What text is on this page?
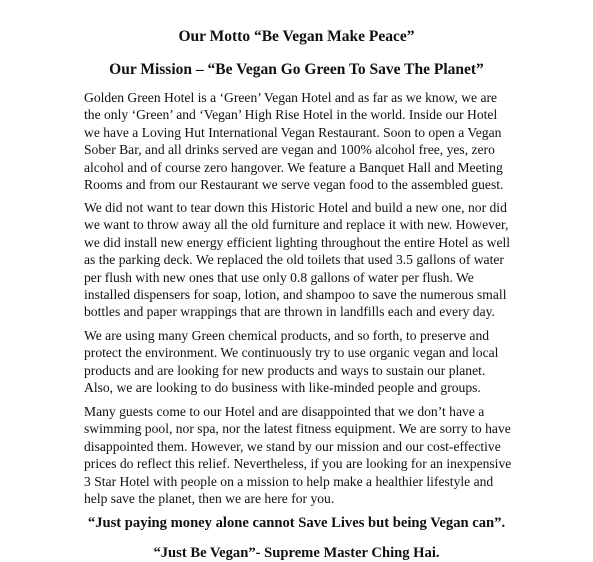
Our Motto “Be Vegan Make Peace”
Our Mission – “Be Vegan Go Green To Save The Planet”

Golden Green Hotel is a ‘Green’ Vegan Hotel and as far as we know, we are
the only ‘Green’ and ‘Vegan’ High Rise Hotel in the world. Inside our Hotel
we have a Loving Hut International Vegan Restaurant. Soon to open a Vegan
Sober Bar, and all drinks served are vegan and 100% alcohol free, yes, zero
alcohol and of course zero hangover. We feature a Banquet Hall and Meeting
Rooms and from our Restaurant we serve vegan food to the assembled guest.

We did not want to tear down this Historic Hotel and build a new one, nor did
we want to throw away all the old furniture and replace it with new. However,
we did install new energy efficient lighting throughout the entire Hotel as well
as the parking deck. We replaced the old toilets that used 3.5 gallons of water
per flush with new ones that use only 0.8 gallons of water per flush. We
installed dispensers for soap, lotion, and shampoo to save the numerous small
bottles and paper wrappings that are thrown in landfills each and every day.

We are using many Green chemical products, and so forth, to preserve and
protect the environment. We continuously try to use organic vegan and local
products and are looking for new products and ways to sustain our planet.
Also, we are looking to do business with like-minded people and groups.

Many guests come to our Hotel and are disappointed that we don’t have a
swimming pool, nor spa, nor the latest fitness equipment. We are sorry to have
disappointed them. However, we stand by our mission and our cost-effective
prices do reflect this relief. Nevertheless, if you are looking for an inexpensive
3 Star Hotel with people on a mission to help make a healthier lifestyle and
help save the planet, then we are here for you.

“Just paying money alone cannot Save Lives but being Vegan can”.

“Just Be Vegan”- Supreme Master Ching Hai.
